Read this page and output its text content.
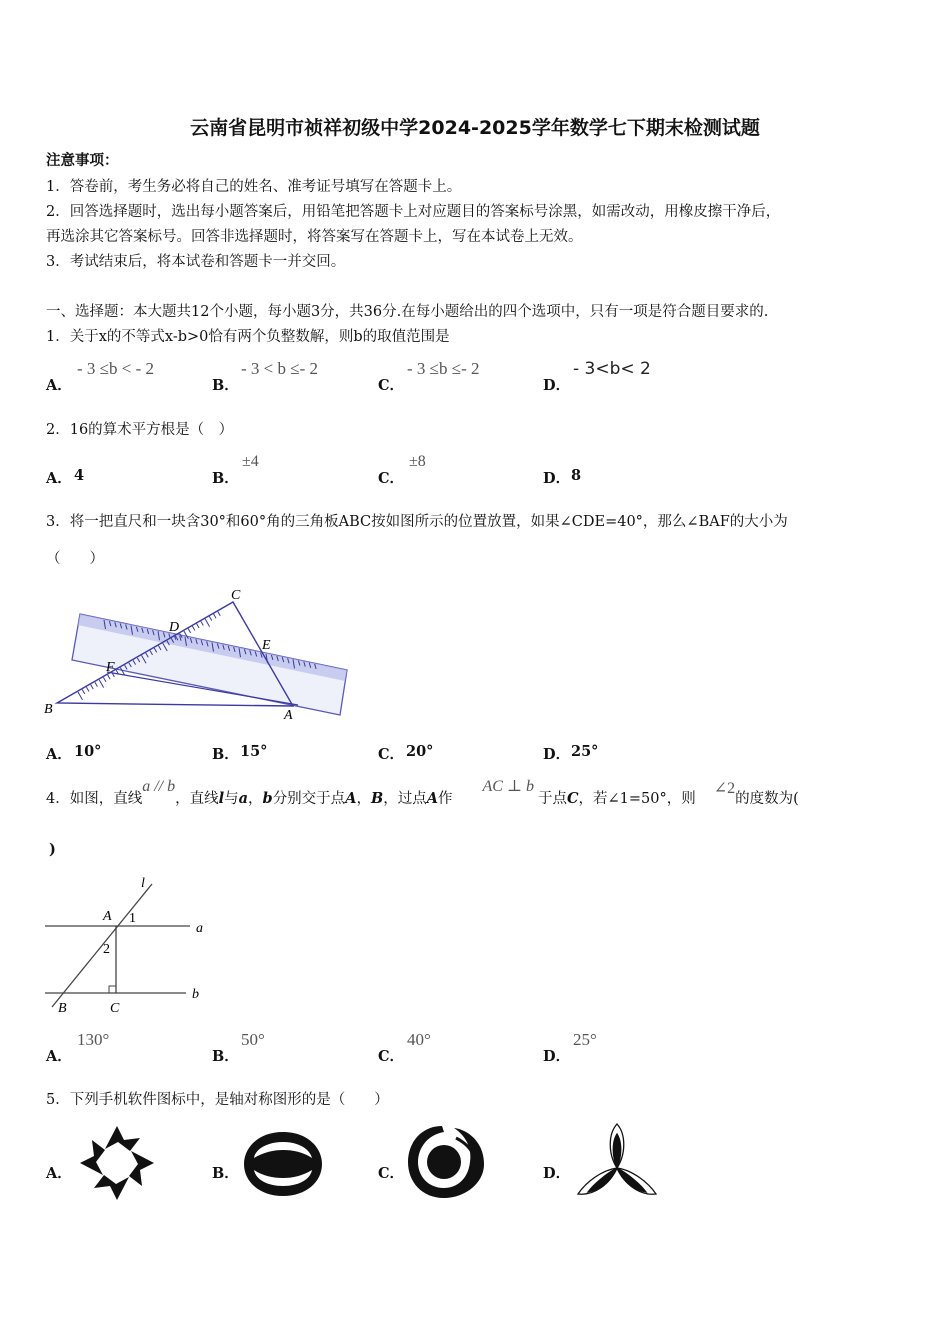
云南省昆明市祯祥初级中学2024-2025学年数学七下期末检测试题
注意事项：
1．答卷前，考生务必将自己的姓名、准考证号填写在答题卡上。
2．回答选择题时，选出每小题答案后，用铅笔把答题卡上对应题目的答案标号涂黑，如需改动，用橡皮擦干净后，
再选涂其它答案标号。回答非选择题时，将答案写在答题卡上，写在本试卷上无效。
3．考试结束后，将本试卷和答题卡一并交回。
一、选择题：本大题共12个小题，每小题3分，共36分.在每小题给出的四个选项中，只有一项是符合题目要求的.
1．关于x的不等式x-b>0恰有两个负整数解，则b的取值范围是
A．
- 3 ≤b < - 2
B．
- 3 < b ≤- 2
C．
- 3 ≤b ≤- 2
D．
- 3<b< 2
2．16的算术平方根是（　）
A． 4	B．
±4
C．
±8
D． 8
3．将一把直尺和一块含30°和60°角的三角板ABC按如图所示的位置放置，如果∠CDE=40°，那么∠BAF的大小为
（　　）
C
D
E
F
B	A
A． 10°	B． 15°	C． 20°	D． 25°
4．如图，直线a // b，直线l与a，b分别交于点A，B，过点A作AC ⊥ b于点C，若∠1=50°，则∠2的度数为(
)
l
A 1
a
2
B	C
b
A．
130°
B．
50°
C．
40°
D．
25°
5．下列手机软件图标中，是轴对称图形的是（　　）
A．	B．	C．	D．
